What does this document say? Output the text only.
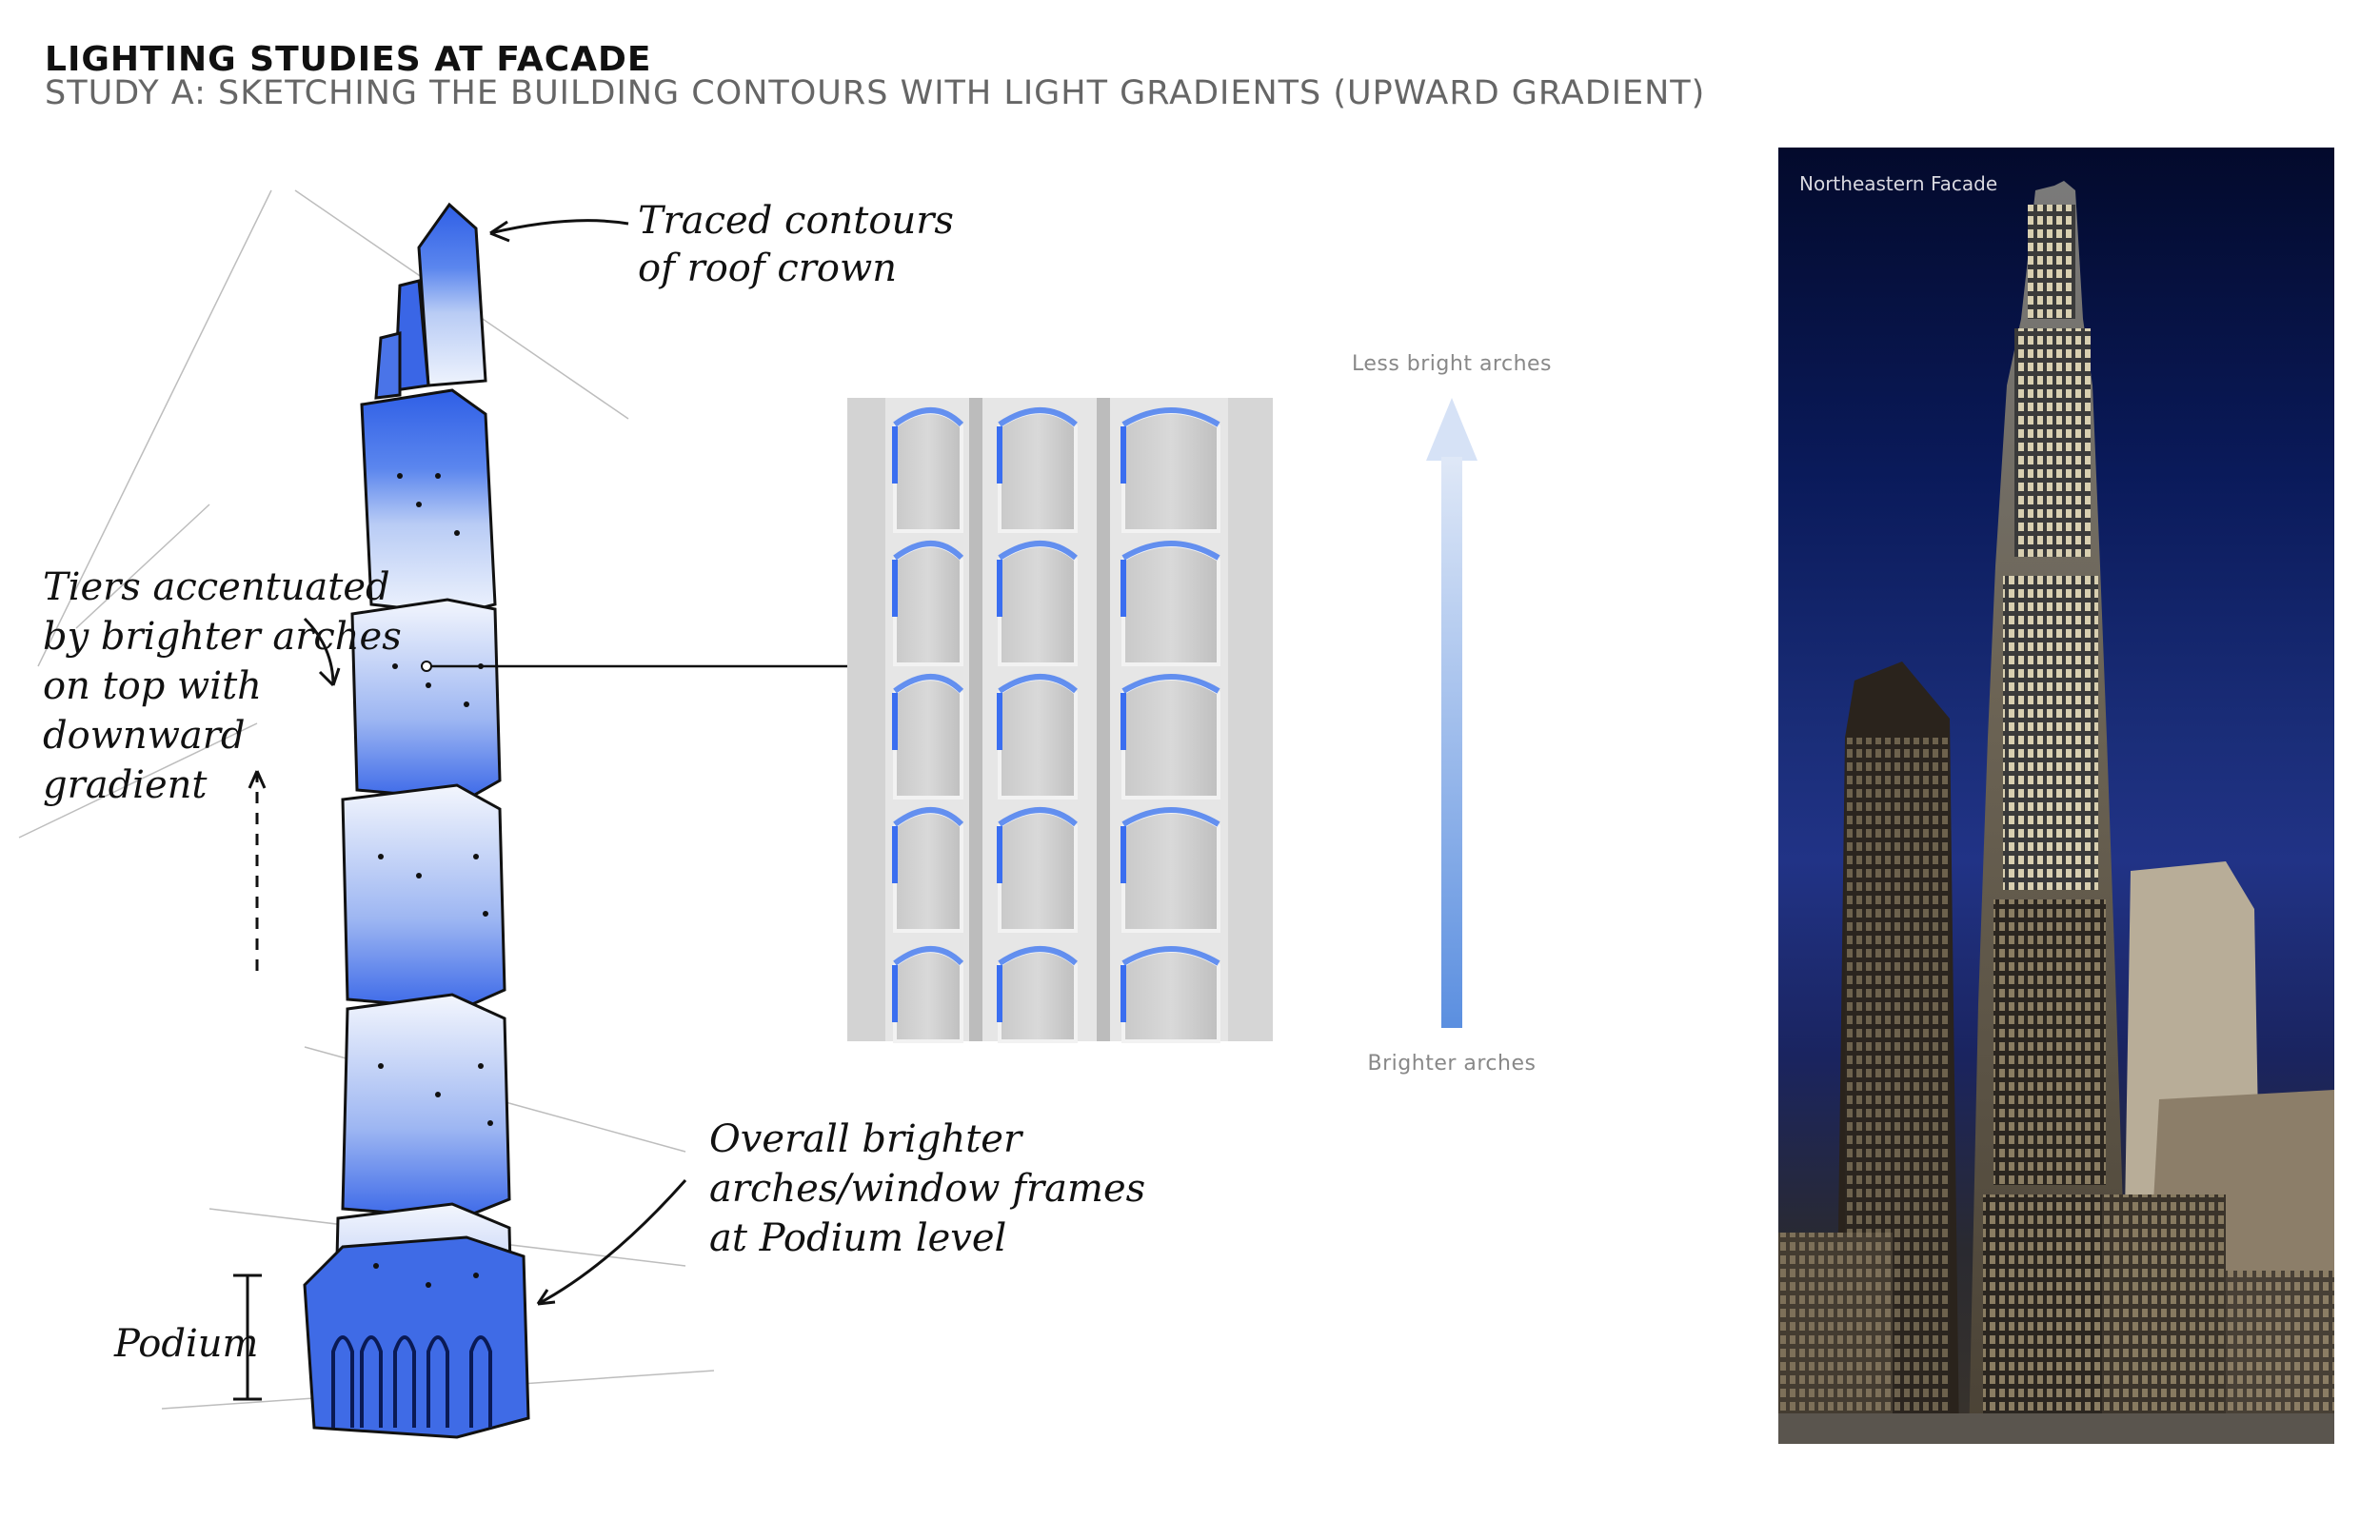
LIGHTING STUDIES AT FACADE
STUDY A: SKETCHING THE BUILDING CONTOURS WITH LIGHT GRADIENTS (UPWARD GRADIENT)
Traced contours
of roof crown
Tiers accentuated
by brighter arches
on top with
downward
gradient
Overall brighter
arches/window frames
at Podium level
Podium
Less bright arches
Brighter arches
Northeastern Facade
